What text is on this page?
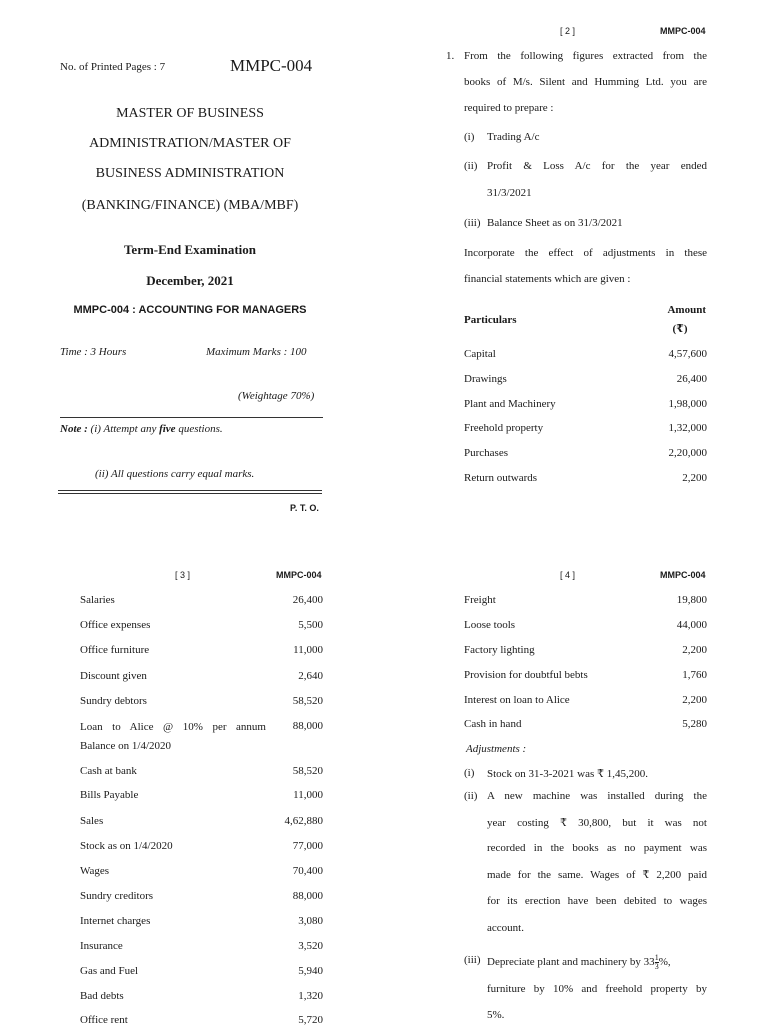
No. of Printed Pages : 7	MMPC-004
MASTER OF BUSINESS
ADMINISTRATION/MASTER OF
BUSINESS ADMINISTRATION
(BANKING/FINANCE) (MBA/MBF)
Term-End Examination
December, 2021
MMPC-004 : ACCOUNTING FOR MANAGERS
Time : 3 Hours	Maximum Marks : 100
(Weightage 70%)
Note : (i) Attempt any five questions.
(ii) All questions carry equal marks.
P. T. O.
[ 2 ]	MMPC-004
1. From the following figures extracted from the
books of M/s. Silent and Humming Ltd. you are
required to prepare :
(i) Trading A/c
(ii) Profit & Loss A/c for the year ended
31/3/2021
(iii) Balance Sheet as on 31/3/2021
Incorporate the effect of adjustments in these
financial statements which are given :
Particulars
Amount
(₹)
Capital	4,57,600
Drawings	26,400
Plant and Machinery	1,98,000
Freehold property	1,32,000
Purchases	2,20,000
Return outwards	2,200
[ 3 ]	MMPC-004
Salaries	26,400
Office expenses	5,500
Office furniture	11,000
Discount given	2,640
Sundry debtors	58,520
Loan to Alice @ 10% per annum	88,000
Balance on 1/4/2020
Cash at bank	58,520
Bills Payable	11,000
Sales	4,62,880
Stock as on 1/4/2020	77,000
Wages	70,400
Sundry creditors	88,000
Internet charges	3,080
Insurance	3,520
Gas and Fuel	5,940
Bad debts	1,320
Office rent	5,720
[ 4 ]	MMPC-004
Freight	19,800
Loose tools	44,000
Factory lighting	2,200
Provision for doubtful bebts	1,760
Interest on loan to Alice	2,200
Cash in hand	5,280
Adjustments :
(i) Stock on 31-3-2021 was ₹ 1,45,200.
(ii) A new machine was installed during the
year costing ₹ 30,800, but it was not
recorded in the books as no payment was
made for the same. Wages of ₹ 2,200 paid
for its erection have been debited to wages
account.
(iii) Depreciate plant and machinery by $33 \frac{1}{3}$ %,
furniture by 10% and freehold property by
5%.
